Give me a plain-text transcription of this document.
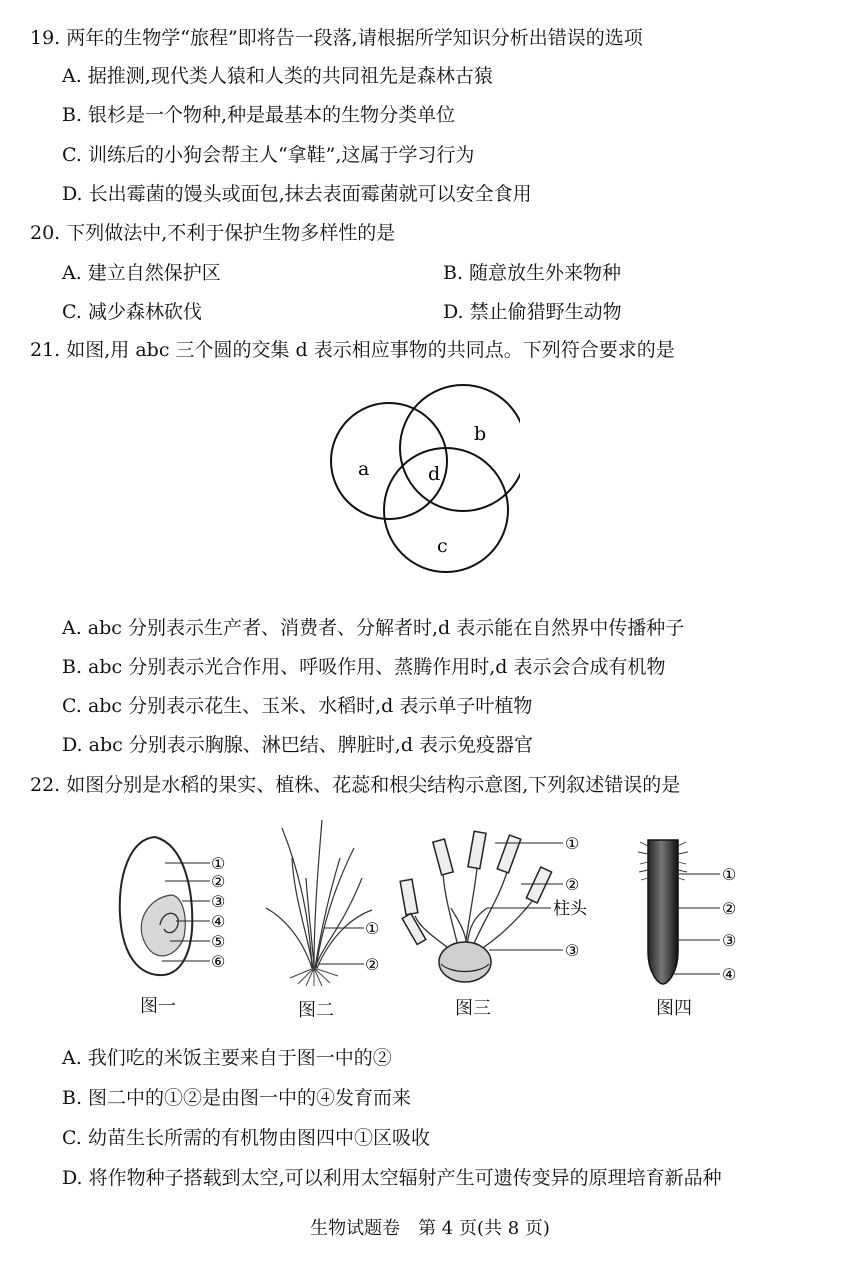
19. 两年的生物学“旅程”即将告一段落,请根据所学知识分析出错误的选项
A. 据推测,现代类人猿和人类的共同祖先是森林古猿
B. 银杉是一个物种,种是最基本的生物分类单位
C. 训练后的小狗会帮主人“拿鞋”,这属于学习行为
D. 长出霉菌的馒头或面包,抹去表面霉菌就可以安全食用
20. 下列做法中,不利于保护生物多样性的是
A. 建立自然保护区	B. 随意放生外来物种
C. 减少森林砍伐	D. 禁止偷猎野生动物
21. 如图,用 abc 三个圆的交集 d 表示相应事物的共同点。下列符合要求的是
a
b
c
d
A. abc 分别表示生产者、消费者、分解者时,d 表示能在自然界中传播种子
B. abc 分别表示光合作用、呼吸作用、蒸腾作用时,d 表示会合成有机物
C. abc 分别表示花生、玉米、水稻时,d 表示单子叶植物
D. abc 分别表示胸腺、淋巴结、脾脏时,d 表示免疫器官
22. 如图分别是水稻的果实、植株、花蕊和根尖结构示意图,下列叙述错误的是
①
②
③
④
⑤
⑥
图一
①
②
图二
①
②
柱头
③
图三
①
②
③
④
图四
A. 我们吃的米饭主要来自于图一中的②
B. 图二中的①②是由图一中的④发育而来
C. 幼苗生长所需的有机物由图四中①区吸收
D. 将作物种子搭载到太空,可以利用太空辐射产生可遗传变异的原理培育新品种
生物试题卷　第 4 页(共 8 页)
